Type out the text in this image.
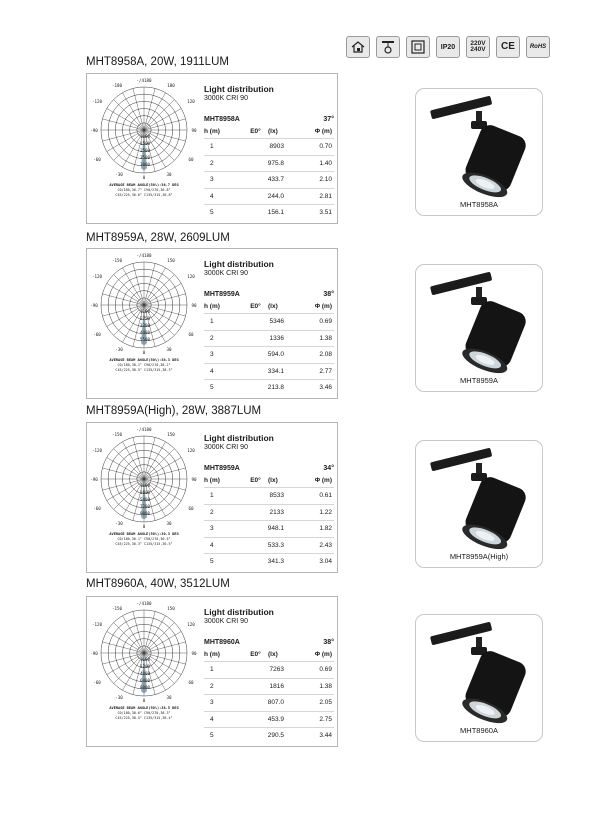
IP20
220V
240V	CE	RoHS
MHT8958A, 20W, 1911LUM
-/4180
-180	180
-120	120
-90	90
-60	60
-30	30
0
1000
1500
2500
3500
3000
AVERAGE BEAM ANGLE(50%):36.7 DEG
C0/180,36.7° C90/270,36.8°
C45/225,36.6° C135/315,36.8°
Light distribution
3000K CRI 90
MHT8958A	37°
h (m)	E0° (lx)	Φ (m)
1	8903	0.70
2	975.8	1.40
3	433.7	2.10
4	244.0	2.81
5	156.1	3.51
MHT8958A
MHT8959A, 28W, 2609LUM
-/4180
-150	150
-120	120
-90	90
-60	60
-30	30
0
1100
2750
3300
4400
5500
AVERAGE BEAM ANGLE(50%):38.3 DEG
C0/180,38.1° C90/270,38.2°
C45/225,38.5° C135/315,38.3°
Light distribution
3000K CRI 90
MHT8959A	38°
h (m)	E0° (lx)	Φ (m)
1	5346	0.69
2	1336	1.38
3	594.0	2.08
4	334.1	2.77
5	213.8	3.46
MHT8959A
MHT8959A(High), 28W, 3887LUM
-/4180
-150	150
-120	120
-90	90
-60	60
-30	30
0
1800
3600
5400
7200
9000
AVERAGE BEAM ANGLE(50%):30.3 DEG
C0/180,30.1° C90/270,30.5°
C45/225,30.3° C135/315,30.5°
Light distribution
3000K CRI 90
MHT8959A	34°
h (m)	E0° (lx)	Φ (m)
1	8533	0.61
2	2133	1.22
3	948.1	1.82
4	533.3	2.43
5	341.3	3.04
MHT8959A(High)
MHT8960A, 40W, 3512LUM
-/4180
-150	150
-120	120
-90	90
-60	60
-30	30
0
1600
3200
4800
6400
8000
AVERAGE BEAM ANGLE(50%):38.5 DEG
C0/180,38.6° C90/270,38.3°
C45/225,38.5° C135/315,38.4°
Light distribution
3000K CRI 90
MHT8960A	38°
h (m)	E0° (lx)	Φ (m)
1	7263	0.69
2	1816	1.38
3	807.0	2.05
4	453.9	2.75
5	290.5	3.44
MHT8960A
